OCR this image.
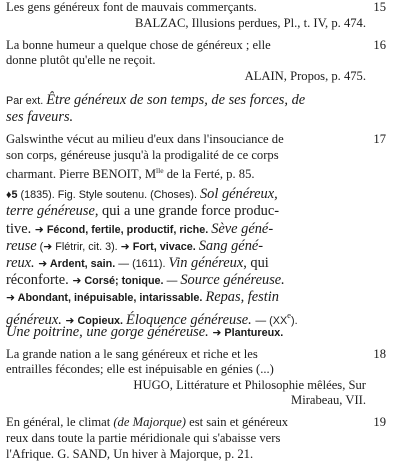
15
Les gens généreux font de mauvais commerçants.
BALZAC, Illusions perdues, Pl., t. IV, p. 474.
16
La bonne humeur a quelque chose de généreux ; elle
donne plutôt qu'elle ne reçoit.
ALAIN, Propos, p. 475.
Par ext. Être généreux de son temps, de ses forces, de
ses faveurs.
17
Galswinthe vécut au milieu d'eux dans l'insouciance de
son corps, généreuse jusqu'à la prodigalité de ce corps
charmant. Pierre BENOIT, $M^{lle}$ de la Ferté, p. 85.
♦5 (1835). Fig. Style soutenu. (Choses). Sol généreux,
terre généreuse, qui a une grande force produc-
tive. ➜ Fécond, fertile, productif, riche. Sève géné-
reuse (➜ Flétrir, cit. 3). ➜ Fort, vivace. Sang géné-
reux. ➜ Ardent, sain. — (1611). Vin généreux, qui
réconforte. ➜ Corsé; tonique. — Source généreuse.
➜ Abondant, inépuisable, intarissable. Repas, festin
généreux. ➜ Copieux. Éloquence généreuse. — (XXe).
Une poitrine, une gorge généreuse. ➜ Plantureux.
18
La grande nation a le sang généreux et riche et les
entrailles fécondes; elle est inépuisable en génies (...)
HUGO, Littérature et Philosophie mêlées, Sur
Mirabeau, VII.
19
En général, le climat (de Majorque) est sain et généreux
reux dans toute la partie méridionale qui s'abaisse vers
l'Afrique. G. SAND, Un hiver à Majorque, p. 21.
